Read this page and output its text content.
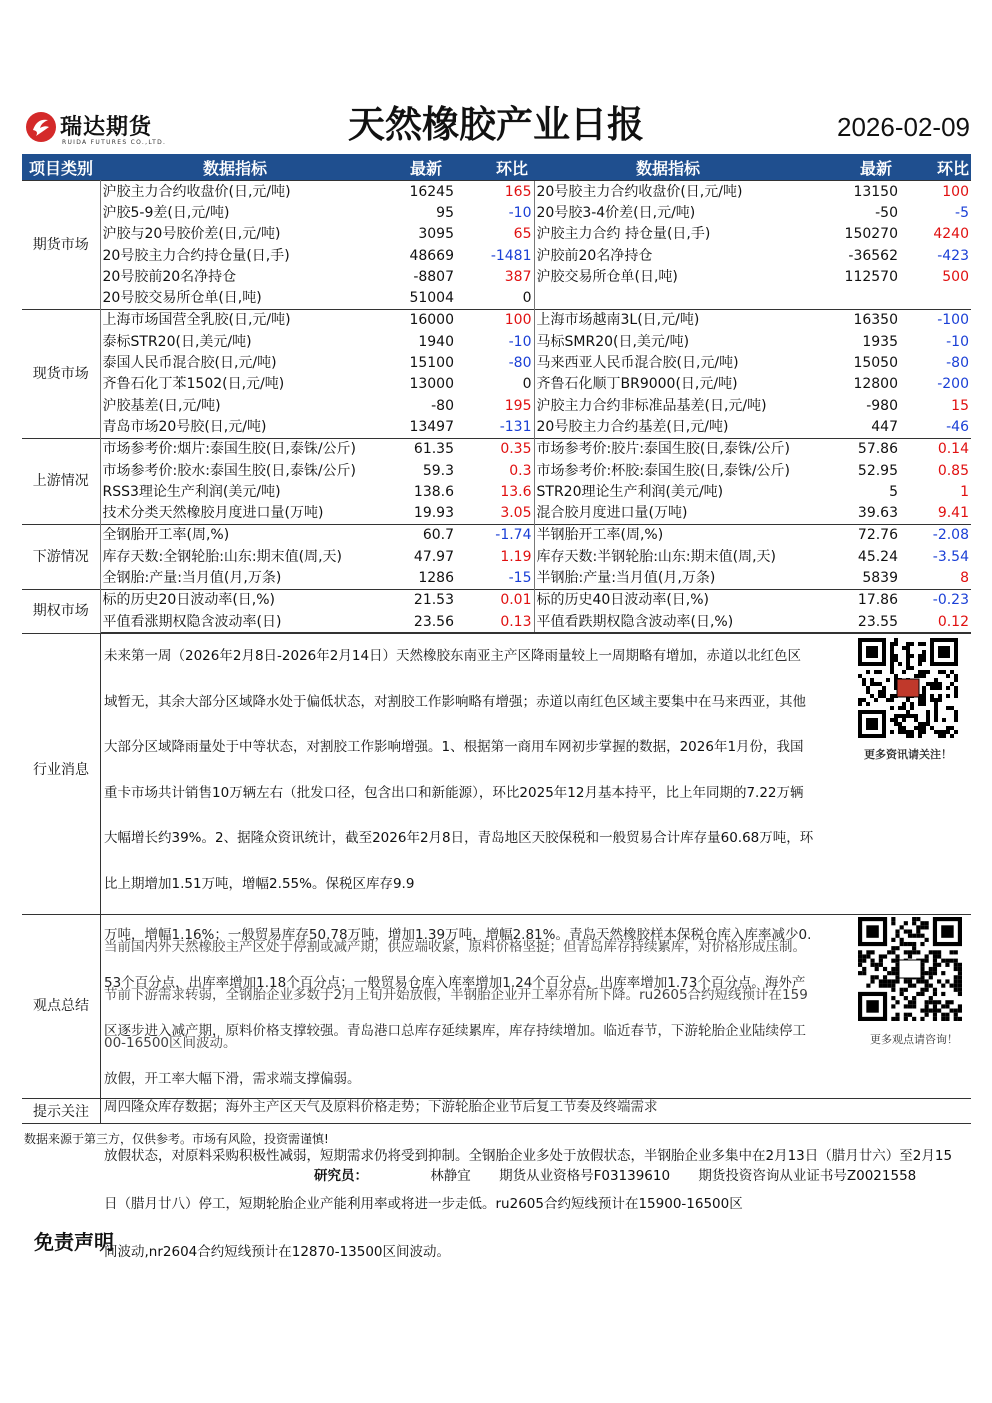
瑞达期货
RUIDA FUTURES CO.,LTD.	天然橡胶产业日报	2026-02-09
项目类别	数据指标	最新	环比	数据指标	最新	环比
期货市场	沪胶主力合约收盘价(日,元/吨)	16245	165	20号胶主力合约收盘价(日,元/吨)	13150	100
	沪胶5-9差(日,元/吨)	95	-10	20号胶3-4价差(日,元/吨)	-50	-5
	沪胶与20号胶价差(日,元/吨)	3095	65	沪胶主力合约 持仓量(日,手)	150270	4240
	20号胶主力合约持仓量(日,手)	48669	-1481	沪胶前20名净持仓	-36562	-423
	20号胶前20名净持仓	-8807	387	沪胶交易所仓单(日,吨)	112570	500
	20号胶交易所仓单(日,吨)	51004	0			
现货市场	上海市场国营全乳胶(日,元/吨)	16000	100	上海市场越南3L(日,元/吨)	16350	-100
	泰标STR20(日,美元/吨)	1940	-10	马标SMR20(日,美元/吨)	1935	-10
	泰国人民币混合胶(日,元/吨)	15100	-80	马来西亚人民币混合胶(日,元/吨)	15050	-80
	齐鲁石化丁苯1502(日,元/吨)	13000	0	齐鲁石化顺丁BR9000(日,元/吨)	12800	-200
	沪胶基差(日,元/吨)	-80	195	沪胶主力合约非标准品基差(日,元/吨)	-980	15
	青岛市场20号胶(日,元/吨)	13497	-131	20号胶主力合约基差(日,元/吨)	447	-46
上游情况	市场参考价:烟片:泰国生胶(日,泰铢/公斤)	61.35	0.35	市场参考价:胶片:泰国生胶(日,泰铢/公斤)	57.86	0.14
	市场参考价:胶水:泰国生胶(日,泰铢/公斤)	59.3	0.3	市场参考价:杯胶:泰国生胶(日,泰铢/公斤)	52.95	0.85
	RSS3理论生产利润(美元/吨)	138.6	13.6	STR20理论生产利润(美元/吨)	5	1
	技术分类天然橡胶月度进口量(万吨)	19.93	3.05	混合胶月度进口量(万吨)	39.63	9.41
下游情况	全钢胎开工率(周,%)	60.7	-1.74	半钢胎开工率(周,%)	72.76	-2.08
	库存天数:全钢轮胎:山东:期末值(周,天)	47.97	1.19	库存天数:半钢轮胎:山东:期末值(周,天)	45.24	-3.54
	全钢胎:产量:当月值(月,万条)	1286	-15	半钢胎:产量:当月值(月,万条)	5839	8
期权市场	标的历史20日波动率(日,%)	21.53	0.01	标的历史40日波动率(日,%)	17.86	-0.23
	平值看涨期权隐含波动率(日)	23.56	0.13	平值看跌期权隐含波动率(日,%)	23.55	0.12
行业消息
未来第一周（2026年2月8日-2026年2月14日）天然橡胶东南亚主产区降雨量较上一周期略有增加，赤道以北红色区域暂无，其余大部分区域降水处于偏低状态，对割胶工作影响略有增强；赤道以南红色区域主要集中在马来西亚，其他大部分区域降雨量处于中等状态，对割胶工作影响增强。1、根据第一商用车网初步掌握的数据，2026年1月份，我国重卡市场共计销售10万辆左右（批发口径，包含出口和新能源），环比2025年12月基本持平，比上年同期的7.22万辆大幅增长约39%。2、据隆众资讯统计，截至2026年2月8日，青岛地区天胶保税和一般贸易合计库存量60.68万吨，环比上期增加1.51万吨，增幅2.55%。保税区库存9.9
更多资讯请关注！
观点总结
万吨，增幅1.16%；一般贸易库存50.78万吨，增加1.39万吨，增幅2.81%。青岛天然橡胶样本保税仓库入库率减少0.53个百分点，出库率增加1.18个百分点；一般贸易仓库入库率增加1.24个百分点，出库率增加1.73个百分点。海外产区逐步进入减产期，原料价格支撑较强。青岛港口总库存延续累库，库存持续增加。临近春节，下游轮胎企业陆续停工放假，开工率大幅下滑，需求端支撑偏弱。
当前国内外天然橡胶主产区处于停割或减产期，供应端收紧，原料价格坚挺；但青岛库存持续累库，对价格形成压制。节前下游需求转弱，全钢胎企业多数于2月上旬开始放假，半钢胎企业开工率亦有所下降。ru2605合约短线预计在15900-16500区间波动。	更多观点请咨询！
提示关注	周四隆众库存数据；海外主产区天气及原料价格走势；下游轮胎企业节后复工节奏及终端需求
数据来源于第三方，仅供参考。市场有风险，投资需谨慎!
放假状态，对原料采购积极性减弱，短期需求仍将受到抑制。全钢胎企业多处于放假状态，半钢胎企业多集中在2月13日（腊月廿六）至2月15
研究员：	林静宜 期货从业资格号F03139610 期货投资咨询从业证书号Z0021558
日（腊月廿八）停工，短期轮胎企业产能利用率或将进一步走低。ru2605合约短线预计在15900-16500区
免责声明
间波动,nr2604合约短线预计在12870-13500区间波动。
